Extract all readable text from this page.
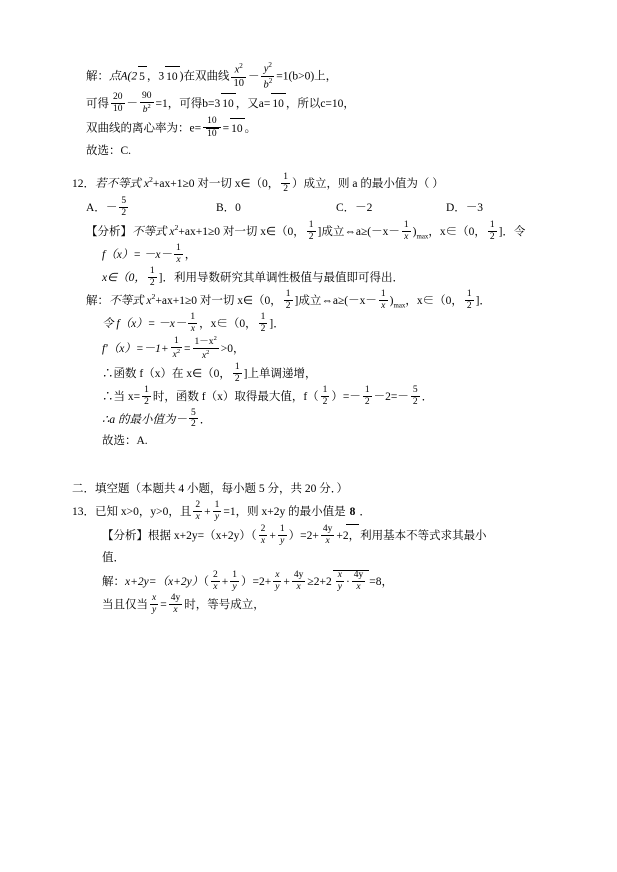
解：点A(2 5 ，3 10 )在双曲线 $\frac{x^2}{10} - \frac{y^2}{b^2} =1(b>0)$上，
可得 $\frac{20}{10} - \frac{90}{b^2} =1$，可得b=3 10 ，又a= 10 ，所以c=10，
双曲线的离心率为：$e= \frac{10}{10} = 10$ 。
故选：C.
12．若不等式 $x^2+ax+1\ge 0$ 对一切 x∈（0， $\frac{1}{2}$ ）成立，则 a 的最小值为（ ）
A．－ $\frac{5}{2}$	B．0	C．－2	D．－3
【分析】不等式 $x^2+ax+1\ge 0$ 对一切 x∈（0， $\frac{1}{2}$ ]成立⇔a≥(－x－ $\frac{1}{x} )_{max}$，x∈（0， $\frac{1}{2}$ ]．令
$f(x)= -x- \frac{1}{x}$ ，
x∈（0， $\frac{1}{2}$ ]．利用导数研究其单调性极值与最值即可得出．
解：不等式 $x^2+ax+1\ge 0$ 对一切 x∈（0， $\frac{1}{2}$ ]成立⇔a≥(－x－ $\frac{1}{x} )_{max}$，x∈（0， $\frac{1}{2}$ ]．
令 $f(x)= -x- \frac{1}{x}$ ，x∈（0， $\frac{1}{2}$ ]．
$f'(x)=-1+ \frac{1}{x^2} = \frac{1-x^2}{x^2} >0$，
∴函数 f（x）在 x∈（0， $\frac{1}{2}$ ]上单调递增，
∴当 $x= \frac{1}{2}$ 时，函数 f（x）取得最大值，$f( \frac{1}{2}$ ）=－ $\frac{1}{2} -2=- \frac{5}{2}$ ．
∴a 的最小值为－ $\frac{5}{2}$ ．
故选：A.
二．填空题（本题共 4 小题，每小题 5 分，共 20 分．）
13．已知 x>0，y>0，且 $\frac{2}{x} + \frac{1}{y} =1$，则 x+2y 的最小值是 8 ．
【分析】根据 $x+2y=(x+2y)( \frac{2}{x} + \frac{1}{y} )=2+ \frac{4y}{x} +2$，利用基本不等式求其最小
值．
解：$x+2y=(x+2y)( \frac{2}{x} + \frac{1}{y} )=2+ \frac{x}{y} + \frac{4y}{x} \ge 2+2 \frac{x}{y} \cdot \frac{4y}{x} =8$，
当且仅当 $\frac{x}{y} = \frac{4y}{x}$ 时，等号成立，
